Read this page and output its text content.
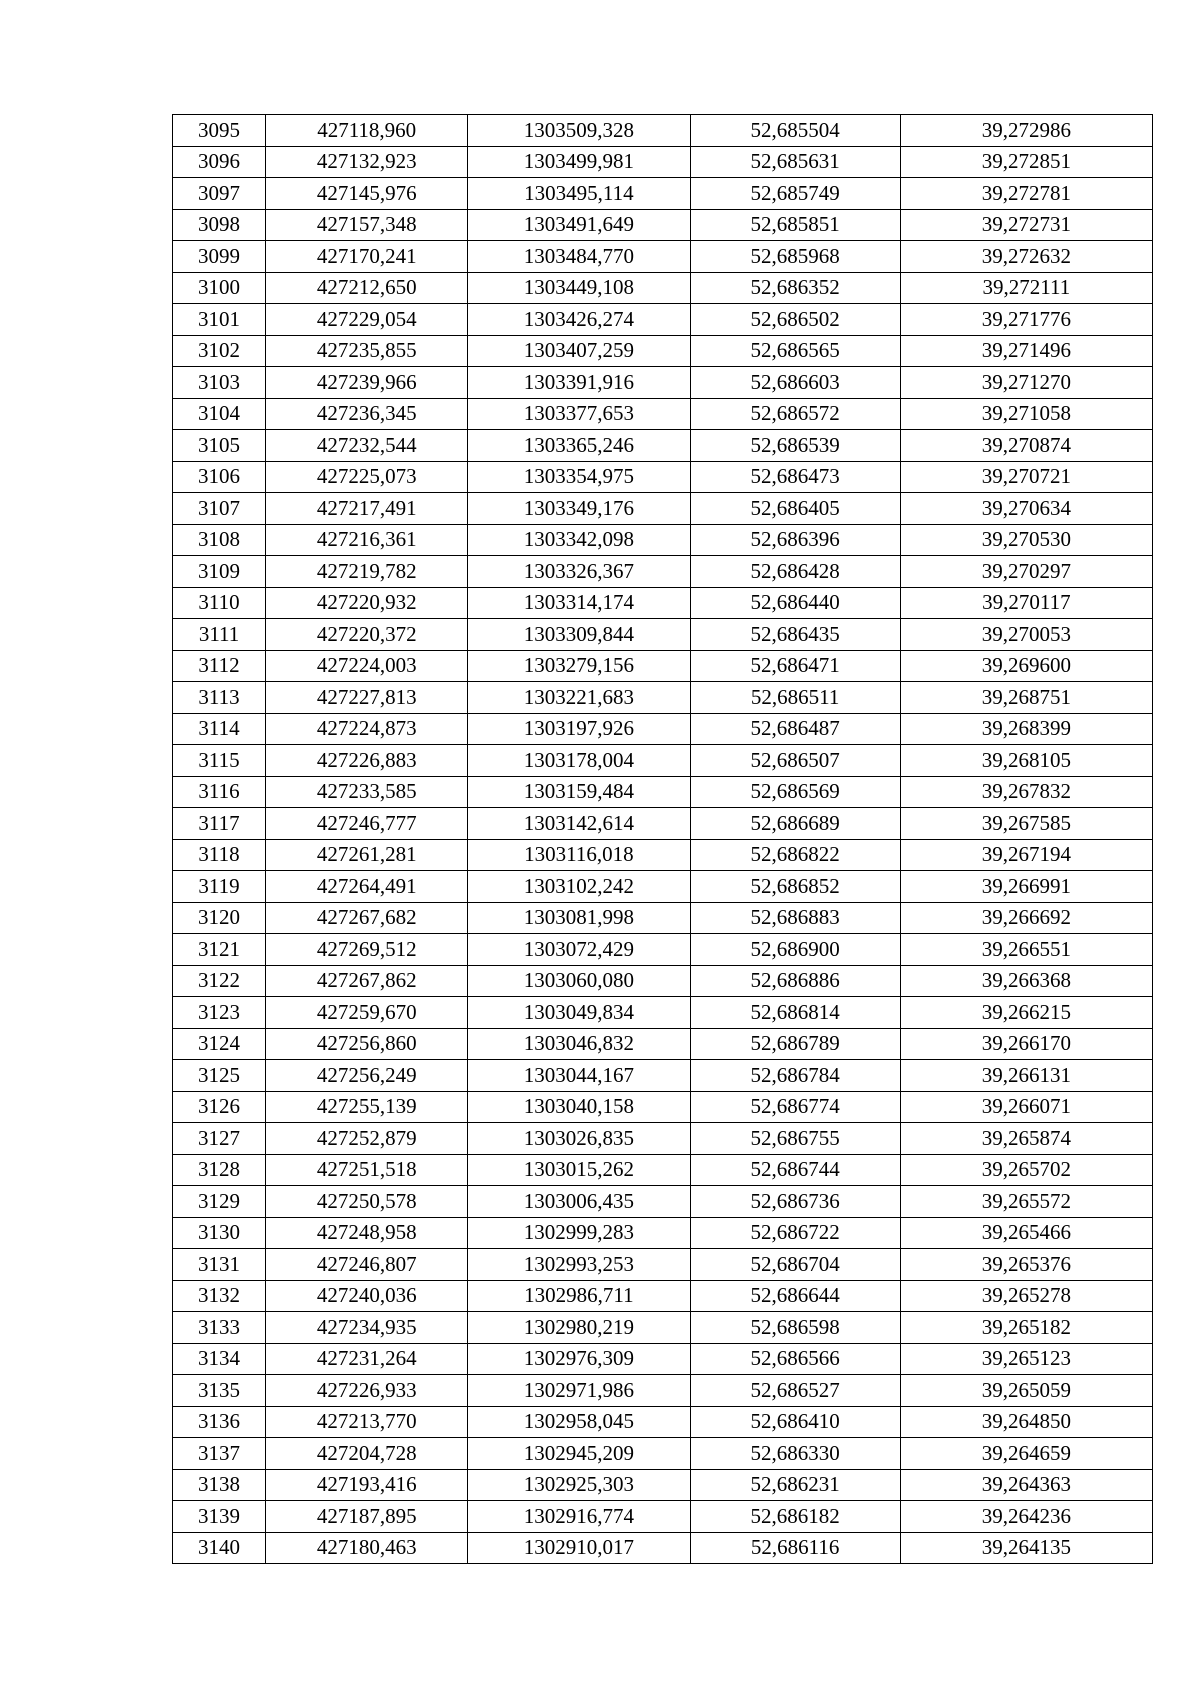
3095	427118,960	1303509,328	52,685504	39,272986
3096	427132,923	1303499,981	52,685631	39,272851
3097	427145,976	1303495,114	52,685749	39,272781
3098	427157,348	1303491,649	52,685851	39,272731
3099	427170,241	1303484,770	52,685968	39,272632
3100	427212,650	1303449,108	52,686352	39,272111
3101	427229,054	1303426,274	52,686502	39,271776
3102	427235,855	1303407,259	52,686565	39,271496
3103	427239,966	1303391,916	52,686603	39,271270
3104	427236,345	1303377,653	52,686572	39,271058
3105	427232,544	1303365,246	52,686539	39,270874
3106	427225,073	1303354,975	52,686473	39,270721
3107	427217,491	1303349,176	52,686405	39,270634
3108	427216,361	1303342,098	52,686396	39,270530
3109	427219,782	1303326,367	52,686428	39,270297
3110	427220,932	1303314,174	52,686440	39,270117
3111	427220,372	1303309,844	52,686435	39,270053
3112	427224,003	1303279,156	52,686471	39,269600
3113	427227,813	1303221,683	52,686511	39,268751
3114	427224,873	1303197,926	52,686487	39,268399
3115	427226,883	1303178,004	52,686507	39,268105
3116	427233,585	1303159,484	52,686569	39,267832
3117	427246,777	1303142,614	52,686689	39,267585
3118	427261,281	1303116,018	52,686822	39,267194
3119	427264,491	1303102,242	52,686852	39,266991
3120	427267,682	1303081,998	52,686883	39,266692
3121	427269,512	1303072,429	52,686900	39,266551
3122	427267,862	1303060,080	52,686886	39,266368
3123	427259,670	1303049,834	52,686814	39,266215
3124	427256,860	1303046,832	52,686789	39,266170
3125	427256,249	1303044,167	52,686784	39,266131
3126	427255,139	1303040,158	52,686774	39,266071
3127	427252,879	1303026,835	52,686755	39,265874
3128	427251,518	1303015,262	52,686744	39,265702
3129	427250,578	1303006,435	52,686736	39,265572
3130	427248,958	1302999,283	52,686722	39,265466
3131	427246,807	1302993,253	52,686704	39,265376
3132	427240,036	1302986,711	52,686644	39,265278
3133	427234,935	1302980,219	52,686598	39,265182
3134	427231,264	1302976,309	52,686566	39,265123
3135	427226,933	1302971,986	52,686527	39,265059
3136	427213,770	1302958,045	52,686410	39,264850
3137	427204,728	1302945,209	52,686330	39,264659
3138	427193,416	1302925,303	52,686231	39,264363
3139	427187,895	1302916,774	52,686182	39,264236
3140	427180,463	1302910,017	52,686116	39,264135
